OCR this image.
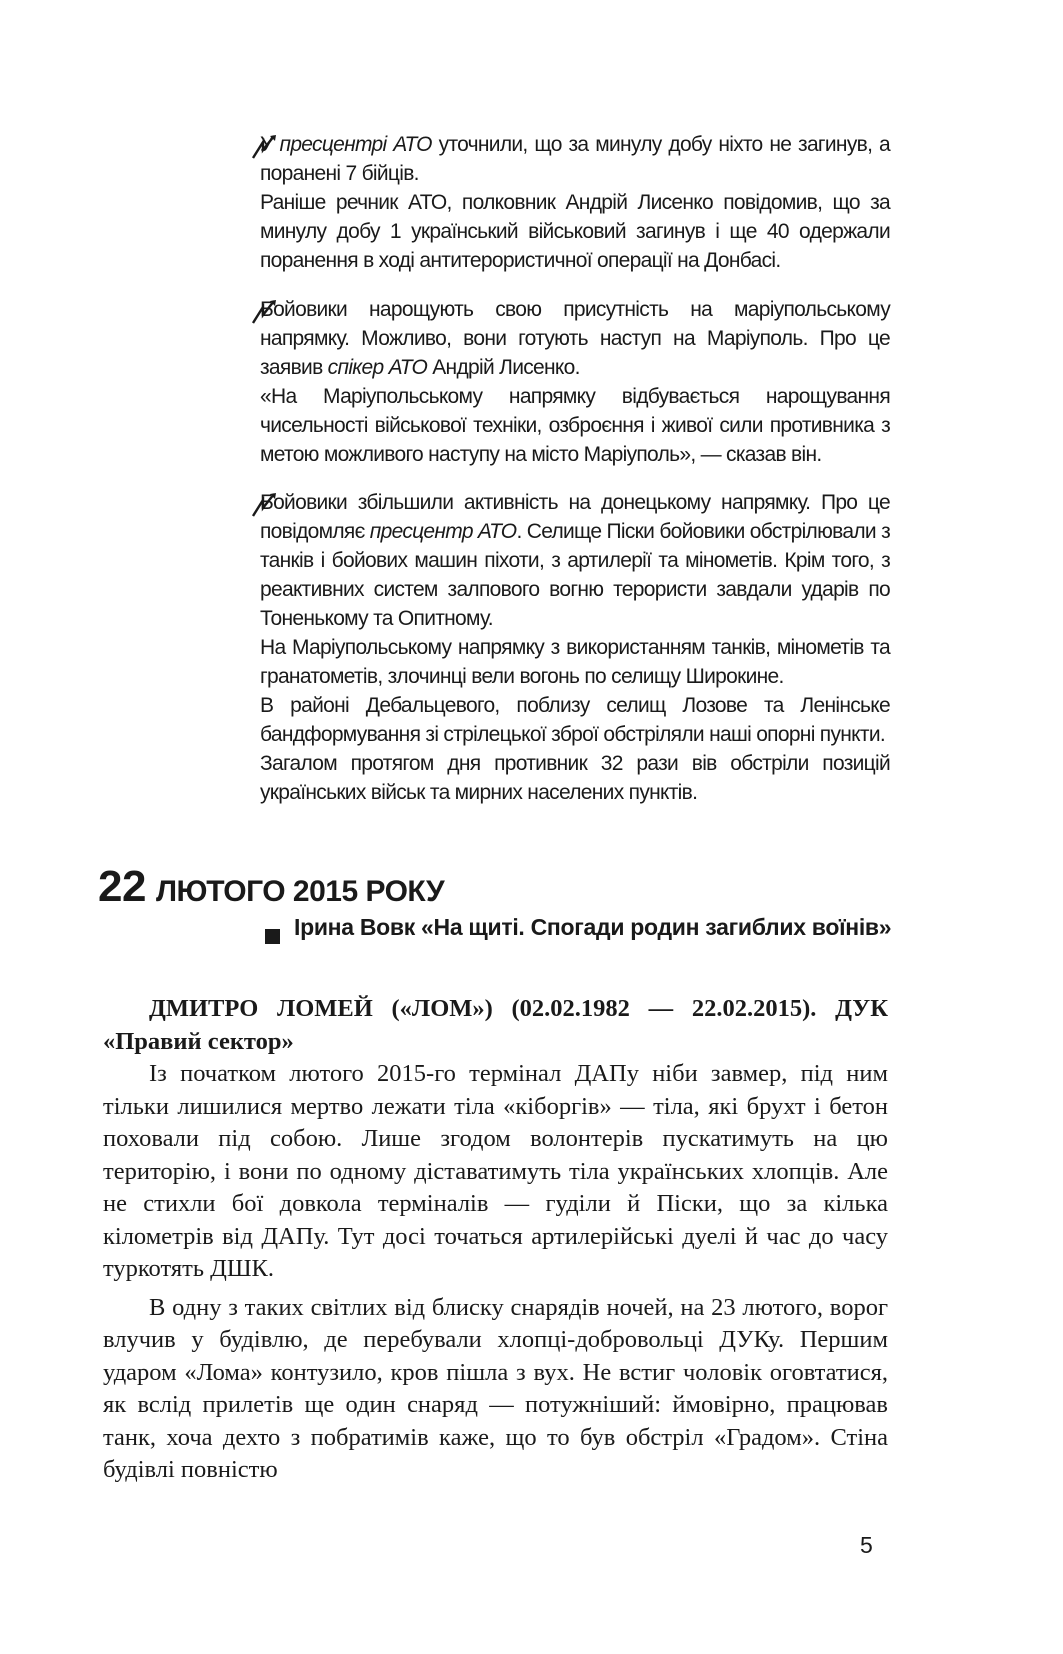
У пресцентрі АТО уточнили, що за минулу добу ніхто не загинув, а поранені 7 бійців.

Раніше речник АТО, полковник Андрій Лисенко повідомив, що за минулу добу 1 український військовий загинув і ще 40 одержали поранення в ході антитерористичної операції на Донбасі.

Бойовики нарощують свою присутність на маріупольському напрямку. Можливо, вони готують наступ на Маріуполь. Про це заявив спікер АТО Андрій Лисенко.

«На Маріупольському напрямку відбувається нарощування чисельності військової техніки, озброєння і живої сили противника з метою можливого наступу на місто Маріуполь», — сказав він.

Бойовики збільшили активність на донецькому напрямку. Про це повідомляє пресцентр АТО. Селище Піски бойовики обстрілювали з танків і бойових машин піхоти, з артилерії та мінометів. Крім того, з реактивних систем залпового вогню терористи завдали ударів по Тоненькому та Опитному.

На Маріупольському напрямку з використанням танків, мінометів та гранатометів, злочинці вели вогонь по селищу Широкине.

В районі Дебальцевого, поблизу селищ Лозове та Ленінське бандформування зі стрілецької зброї обстріляли наші опорні пункти.

Загалом протягом дня противник 32 рази вів обстріли позицій українських військ та мирних населених пунктів.

22 ЛЮТОГО 2015 РОКУ
Ірина Вовк «На щиті. Спогади родин загиблих воїнів»

ДМИТРО ЛОМЕЙ («ЛОМ») (02.02.1982 — 22.02.2015). ДУК «Правий сектор»

Із початком лютого 2015-го термінал ДАПу ніби завмер, під ним тільки лишилися мертво лежати тіла «кіборгів» — тіла, які брухт і бетон поховали під собою. Лише згодом волонтерів пускатимуть на цю територію, і вони по одному діставатимуть тіла українських хлопців. Але не стихли бої довкола терміналів — гуділи й Піски, що за кілька кілометрів від ДАПу. Тут досі точаться артилерійські дуелі й час до часу туркотять ДШК.

В одну з таких світлих від блиску снарядів ночей, на 23 лютого, ворог влучив у будівлю, де перебували хлопці-добровольці ДУКу. Першим ударом «Лома» контузило, кров пішла з вух. Не встиг чоловік оговтатися, як вслід прилетів ще один снаряд — потужніший: ймовірно, працював танк, хоча дехто з побратимів каже, що то був обстріл «Градом». Стіна будівлі повністю

5
